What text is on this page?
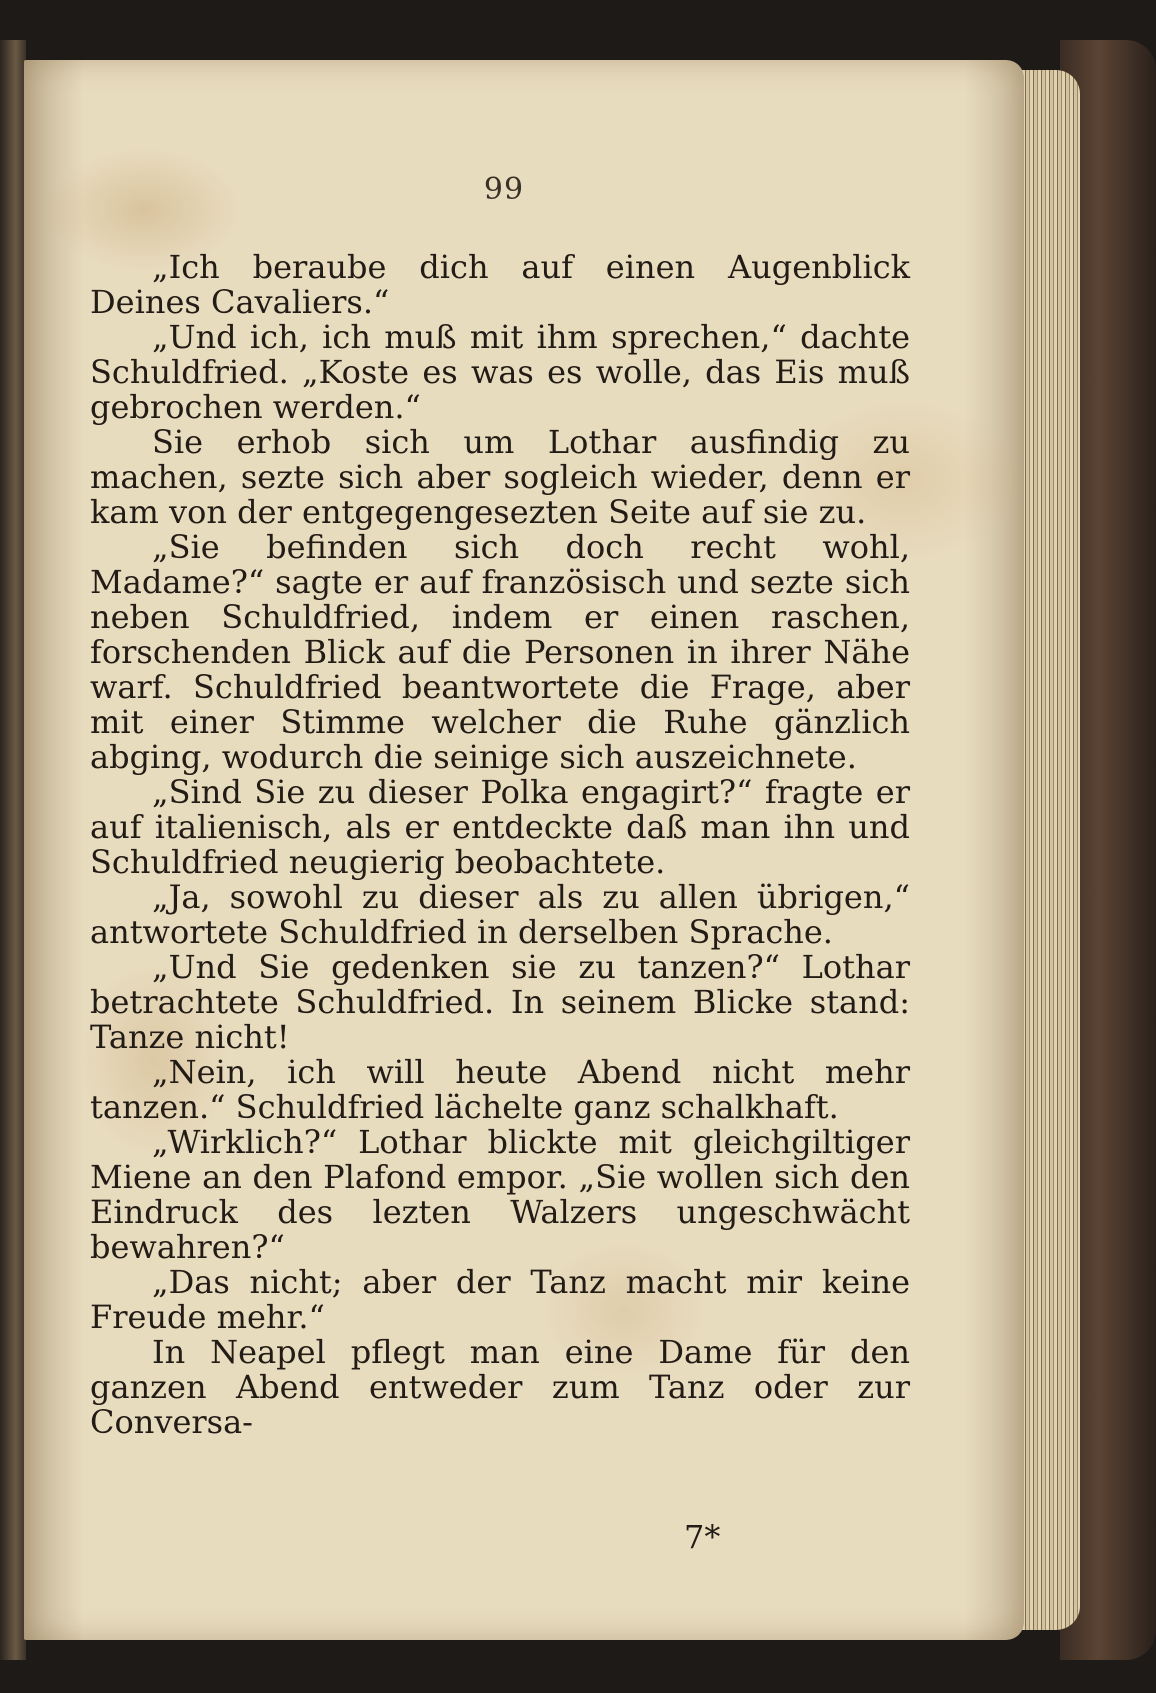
99

„Ich beraube dich auf einen Augenblick Deines Cavaliers.“

„Und ich, ich muß mit ihm sprechen,“ dachte Schuldfried. „Koste es was es wolle, das Eis muß gebrochen werden.“

Sie erhob sich um Lothar ausfindig zu machen, sezte sich aber sogleich wieder, denn er kam von der entgegengesezten Seite auf sie zu.

„Sie befinden sich doch recht wohl, Madame?“ sagte er auf französisch und sezte sich neben Schuldfried, indem er einen raschen, forschenden Blick auf die Personen in ihrer Nähe warf. Schuldfried beantwortete die Frage, aber mit einer Stimme welcher die Ruhe gänzlich abging, wodurch die seinige sich auszeichnete.

„Sind Sie zu dieser Polka engagirt?“ fragte er auf italienisch, als er entdeckte daß man ihn und Schuldfried neugierig beobachtete.

„Ja, sowohl zu dieser als zu allen übrigen,“ antwortete Schuldfried in derselben Sprache.

„Und Sie gedenken sie zu tanzen?“ Lothar betrachtete Schuldfried. In seinem Blicke stand: Tanze nicht!

„Nein, ich will heute Abend nicht mehr tanzen.“ Schuldfried lächelte ganz schalkhaft.

„Wirklich?“ Lothar blickte mit gleichgiltiger Miene an den Plafond empor. „Sie wollen sich den Eindruck des lezten Walzers ungeschwächt bewahren?“

„Das nicht; aber der Tanz macht mir keine Freude mehr.“

In Neapel pflegt man eine Dame für den ganzen Abend entweder zum Tanz oder zur Conversa-

7*
